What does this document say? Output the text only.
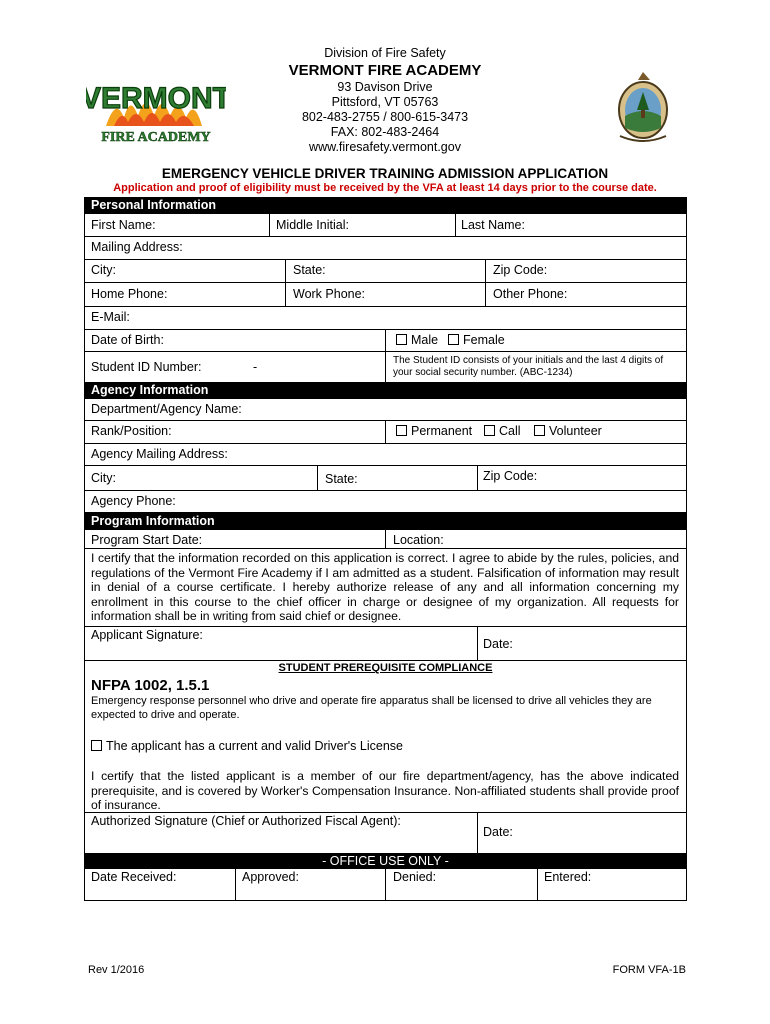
VERMONT
FIRE ACADEMY
Division of Fire Safety
VERMONT FIRE ACADEMY
93 Davison Drive
Pittsford, VT 05763
802-483-2755 / 800-615-3473
FAX: 802-483-2464
www.firesafety.vermont.gov
EMERGENCY VEHICLE DRIVER TRAINING ADMISSION APPLICATION
Application and proof of eligibility must be received by the VFA at least 14 days prior to the course date.
Personal Information
First Name:	Middle Initial:	Last Name:
Mailing Address:
City:	State:	Zip Code:
Home Phone:	Work Phone:	Other Phone:
E-Mail:
Date of Birth:	Male	Female
Student ID Number:	-	The Student ID consists of your initials and the last 4 digits of your social security number. (ABC-1234)
Agency Information
Department/Agency Name:
Rank/Position:	Permanent	Call	Volunteer
Agency Mailing Address:
City:	State:	Zip Code:
Agency Phone:
Program Information
Program Start Date:	Location:
I certify that the information recorded on this application is correct. I agree to abide by the rules, policies, and regulations of the Vermont Fire Academy if I am admitted as a student. Falsification of information may result in denial of a course certificate. I hereby authorize release of any and all information concerning my enrollment in this course to the chief officer in charge or designee of my organization. All requests for information shall be in writing from said chief or designee.
Applicant Signature:
Date:
STUDENT PREREQUISITE COMPLIANCE
NFPA 1002, 1.5.1
Emergency response personnel who drive and operate fire apparatus shall be licensed to drive all vehicles they are expected to drive and operate.
The applicant has a current and valid Driver's License
I certify that the listed applicant is a member of our fire department/agency, has the above indicated prerequisite, and is covered by Worker's Compensation Insurance. Non-affiliated students shall provide proof of insurance.
Authorized Signature (Chief or Authorized Fiscal Agent):
Date:
- OFFICE USE ONLY -
Date Received:	Approved:	Denied:	Entered:
Rev 1/2016	FORM VFA-1B
